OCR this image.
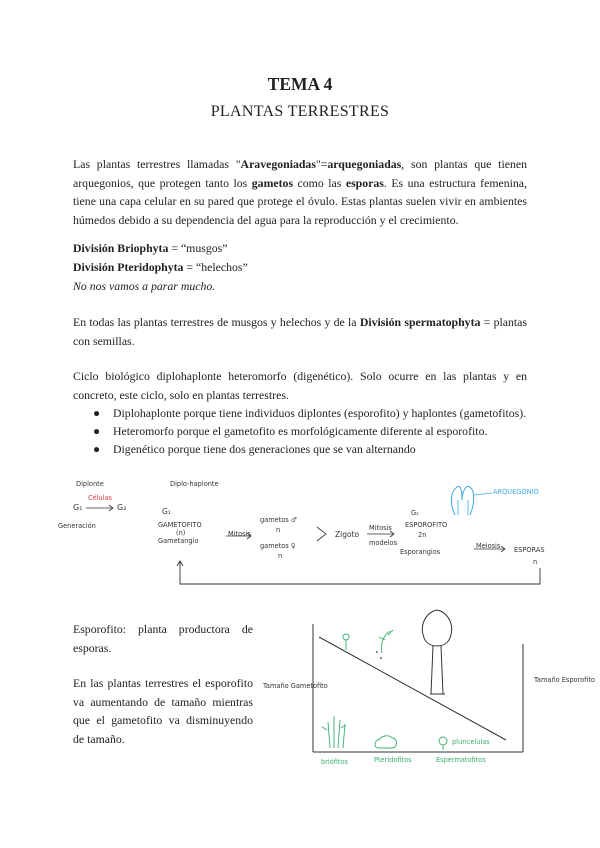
TEMA 4
PLANTAS TERRESTRES
Las plantas terrestres llamadas "Aravegoniadas"=arquegoniadas, son plantas que tienen arquegonios, que protegen tanto los gametos como las esporas. Es una estructura femenina, tiene una capa celular en su pared que protege el óvulo. Estas plantas suelen vivir en ambientes húmedos debido a su dependencia del agua para la reproducción y el crecimiento.
División Briophyta = “musgos”
División Pteridophyta = “helechos”
No nos vamos a parar mucho.
En todas las plantas terrestres de musgos y helechos y de la División spermatophyta = plantas con semillas.
Ciclo biológico diplohaplonte heteromorfo (digenético). Solo ocurre en las plantas y en concreto, este ciclo, solo en plantas terrestres.
● Diplohaplonte porque tiene individuos diplontes (esporofito) y haplontes (gametofitos).
● Heteromorfo porque el gametofito es morfológicamente diferente al esporofito.
● Digenético porque tiene dos generaciones que se van alternando
Diplonte
Células
G₁	G₂
Generación
Diplo-haplonte
G₁
GAMETOFITO
(n)
Gametangio
Mitosis
gametos ♂
n
gametos ♀
n
Zigoto
Mitosis
modelos
G₂
ESPOROFITO
2n
Esporangios
Meiosis ESPORAS
n
ARQUEGONIO
Esporofito: planta productora de esporas.
En las plantas terrestres el esporofito va aumentando de tamaño mientras que el gametofito va disminuyendo de tamaño.
Tamaño Gametofito
Tamaño Esporofito
briófitos	Pteridofitos	Espermatofitos
pluricelulas
